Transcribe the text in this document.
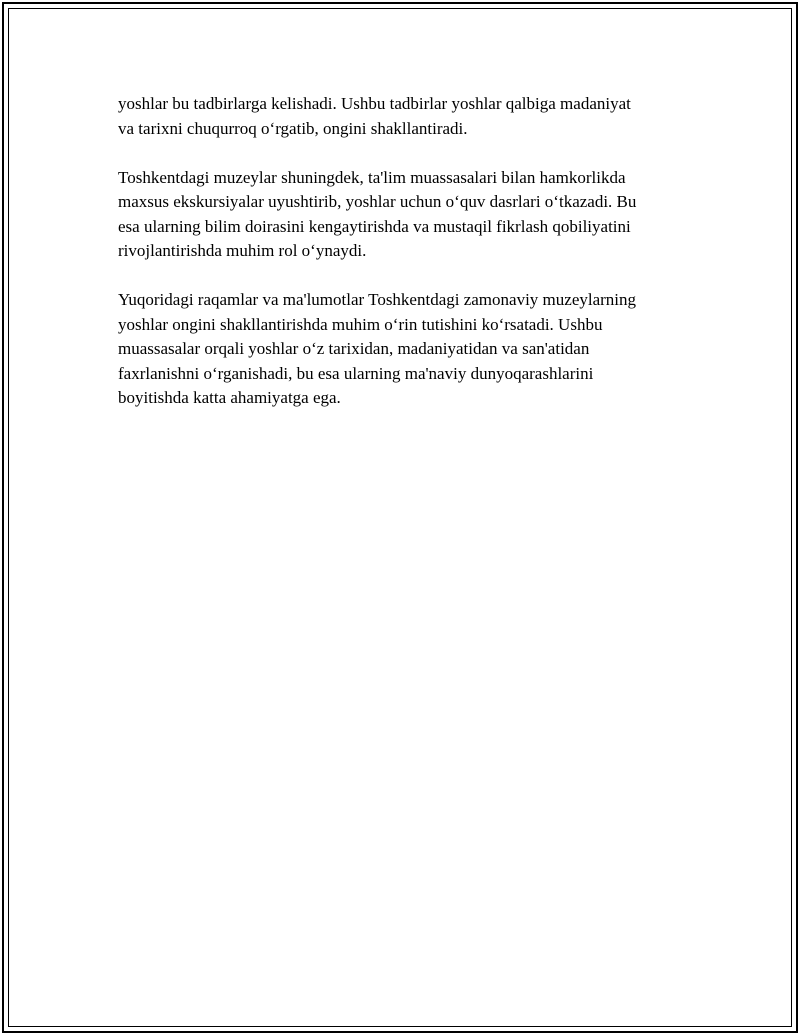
yoshlar bu tadbirlarga kelishadi. Ushbu tadbirlar yoshlar qalbiga madaniyat
va tarixni chuqurroq o‘rgatib, ongini shakllantiradi.

Toshkentdagi muzeylar shuningdek, ta'lim muassasalari bilan hamkorlikda
maxsus ekskursiyalar uyushtirib, yoshlar uchun o‘quv dasrlari o‘tkazadi. Bu
esa ularning bilim doirasini kengaytirishda va mustaqil fikrlash qobiliyatini
rivojlantirishda muhim rol o‘ynaydi.

Yuqoridagi raqamlar va ma'lumotlar Toshkentdagi zamonaviy muzeylarning
yoshlar ongini shakllantirishda muhim o‘rin tutishini ko‘rsatadi. Ushbu
muassasalar orqali yoshlar o‘z tarixidan, madaniyatidan va san'atidan
faxrlanishni o‘rganishadi, bu esa ularning ma'naviy dunyoqarashlarini
boyitishda katta ahamiyatga ega.
